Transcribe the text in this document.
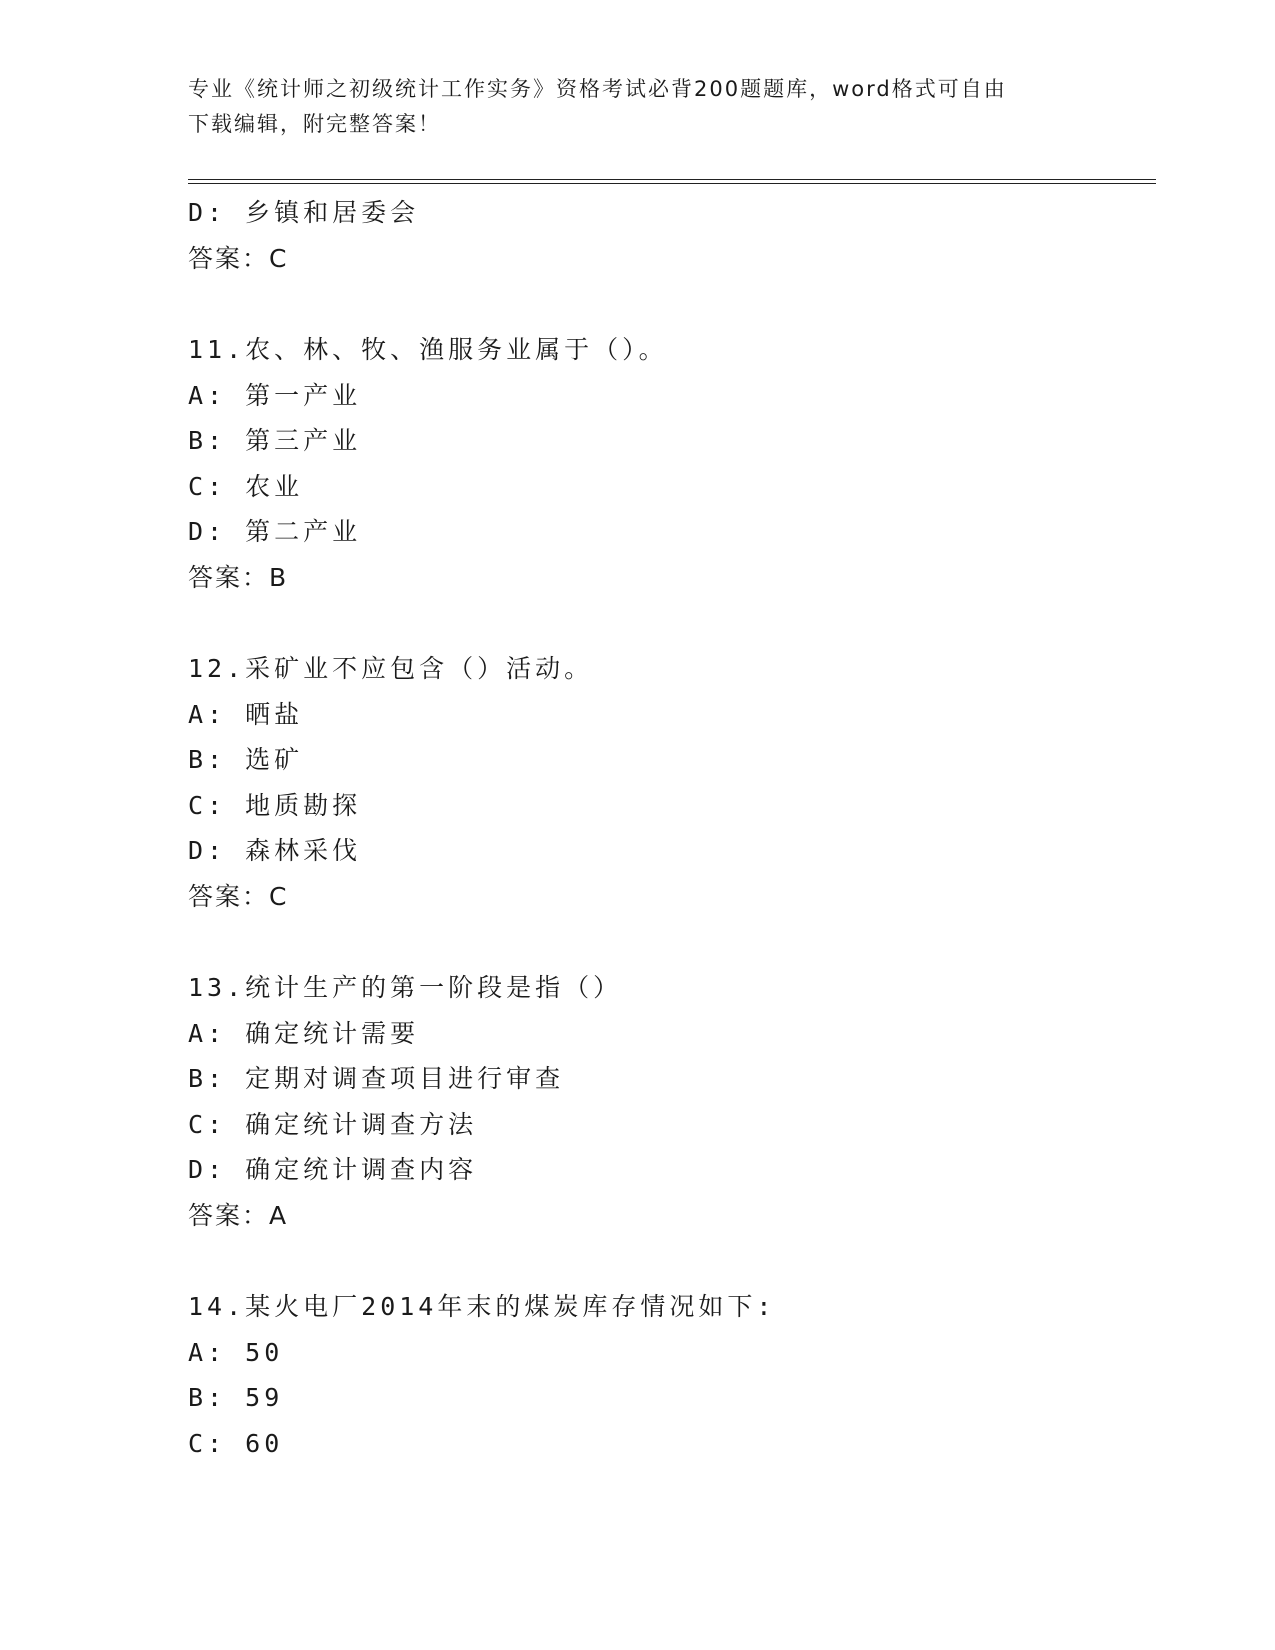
专业《统计师之初级统计工作实务》资格考试必背200题题库，word格式可自由
下载编辑，附完整答案！
D: 乡镇和居委会
答案：C
11.农、林、牧、渔服务业属于（）。
A: 第一产业
B: 第三产业
C: 农业
D: 第二产业
答案：B
12.采矿业不应包含（）活动。
A: 晒盐
B: 选矿
C: 地质勘探
D: 森林采伐
答案：C
13.统计生产的第一阶段是指（）
A: 确定统计需要
B: 定期对调查项目进行审查
C: 确定统计调查方法
D: 确定统计调查内容
答案：A
14.某火电厂2014年末的煤炭库存情况如下:
A: 50
B: 59
C: 60
